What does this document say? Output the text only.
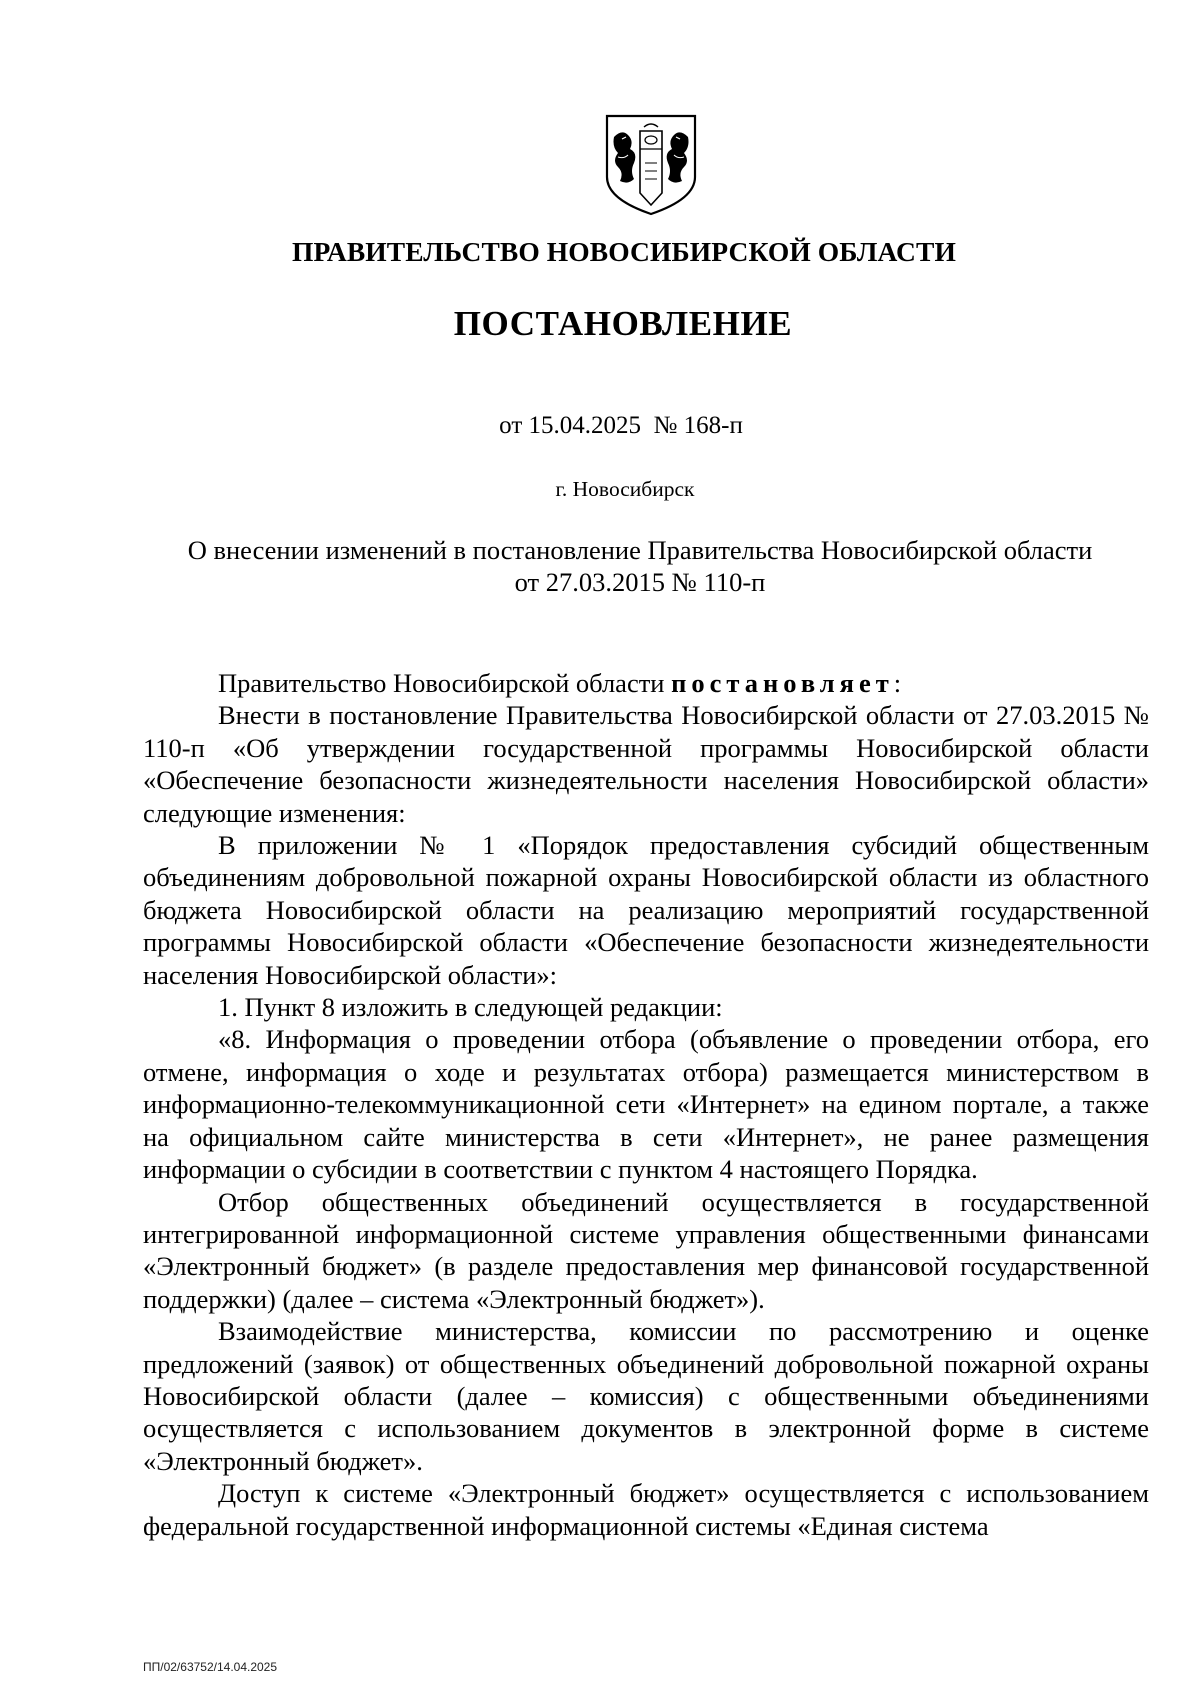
ПРАВИТЕЛЬСТВО НОВОСИБИРСКОЙ ОБЛАСТИ
ПОСТАНОВЛЕНИЕ
от 15.04.2025  № 168-п
г. Новосибирск
О внесении изменений в постановление Правительства Новосибирской области
от 27.03.2015 № 110-п

Правительство Новосибирской области постановляет:

Внести в постановление Правительства Новосибирской области от 27.03.2015 № 110-п «Об утверждении государственной программы Новосибирской области «Обеспечение безопасности жизнедеятельности населения Новосибирской области» следующие изменения:

В приложении № 1 «Порядок предоставления субсидий общественным объединениям добровольной пожарной охраны Новосибирской области из областного бюджета Новосибирской области на реализацию мероприятий государственной программы Новосибирской области «Обеспечение безопасности жизнедеятельности населения Новосибирской области»:

1. Пункт 8 изложить в следующей редакции:

«8. Информация о проведении отбора (объявление о проведении отбора, его отмене, информация о ходе и результатах отбора) размещается министерством в информационно-телекоммуникационной сети «Интернет» на едином портале, а также на официальном сайте министерства в сети «Интернет», не ранее размещения информации о субсидии в соответствии с пунктом 4 настоящего Порядка.

Отбор общественных объединений осуществляется в государственной интегрированной информационной системе управления общественными финансами «Электронный бюджет» (в разделе предоставления мер финансовой государственной поддержки) (далее – система «Электронный бюджет»).

Взаимодействие министерства, комиссии по рассмотрению и оценке предложений (заявок) от общественных объединений добровольной пожарной охраны Новосибирской области (далее – комиссия) с общественными объединениями осуществляется с использованием документов в электронной форме в системе «Электронный бюджет».

Доступ к системе «Электронный бюджет» осуществляется с использованием федеральной государственной информационной системы «Единая система

ПП/02/63752/14.04.2025
